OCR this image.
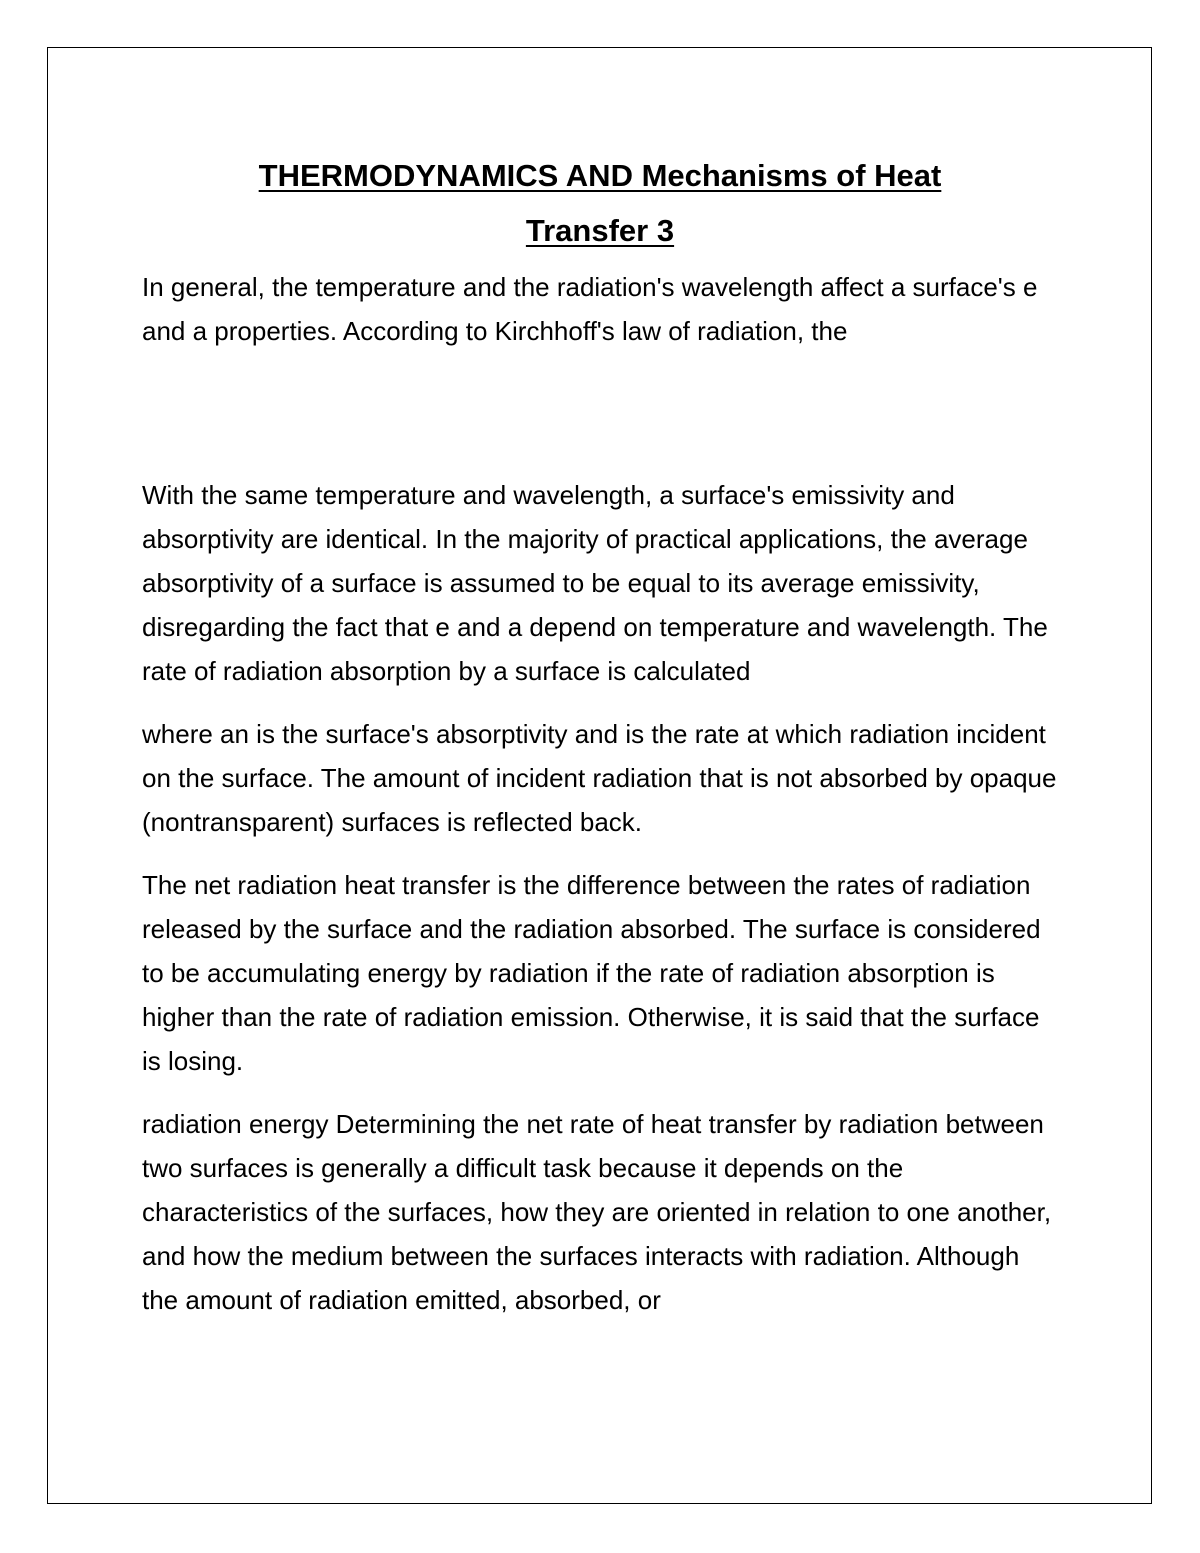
THERMODYNAMICS AND Mechanisms of Heat
Transfer 3

In general, the temperature and the radiation's wavelength affect a surface's e and a properties. According to Kirchhoff's law of radiation, the

With the same temperature and wavelength, a surface's emissivity and absorptivity are identical. In the majority of practical applications, the average absorptivity of a surface is assumed to be equal to its average emissivity, disregarding the fact that e and a depend on temperature and wavelength. The rate of radiation absorption by a surface is calculated

where an is the surface's absorptivity and is the rate at which radiation incident on the surface. The amount of incident radiation that is not absorbed by opaque (nontransparent) surfaces is reflected back.

The net radiation heat transfer is the difference between the rates of radiation released by the surface and the radiation absorbed. The surface is considered to be accumulating energy by radiation if the rate of radiation absorption is higher than the rate of radiation emission. Otherwise, it is said that the surface is losing.

radiation energy Determining the net rate of heat transfer by radiation between two surfaces is generally a difficult task because it depends on the characteristics of the surfaces, how they are oriented in relation to one another, and how the medium between the surfaces interacts with radiation. Although the amount of radiation emitted, absorbed, or
